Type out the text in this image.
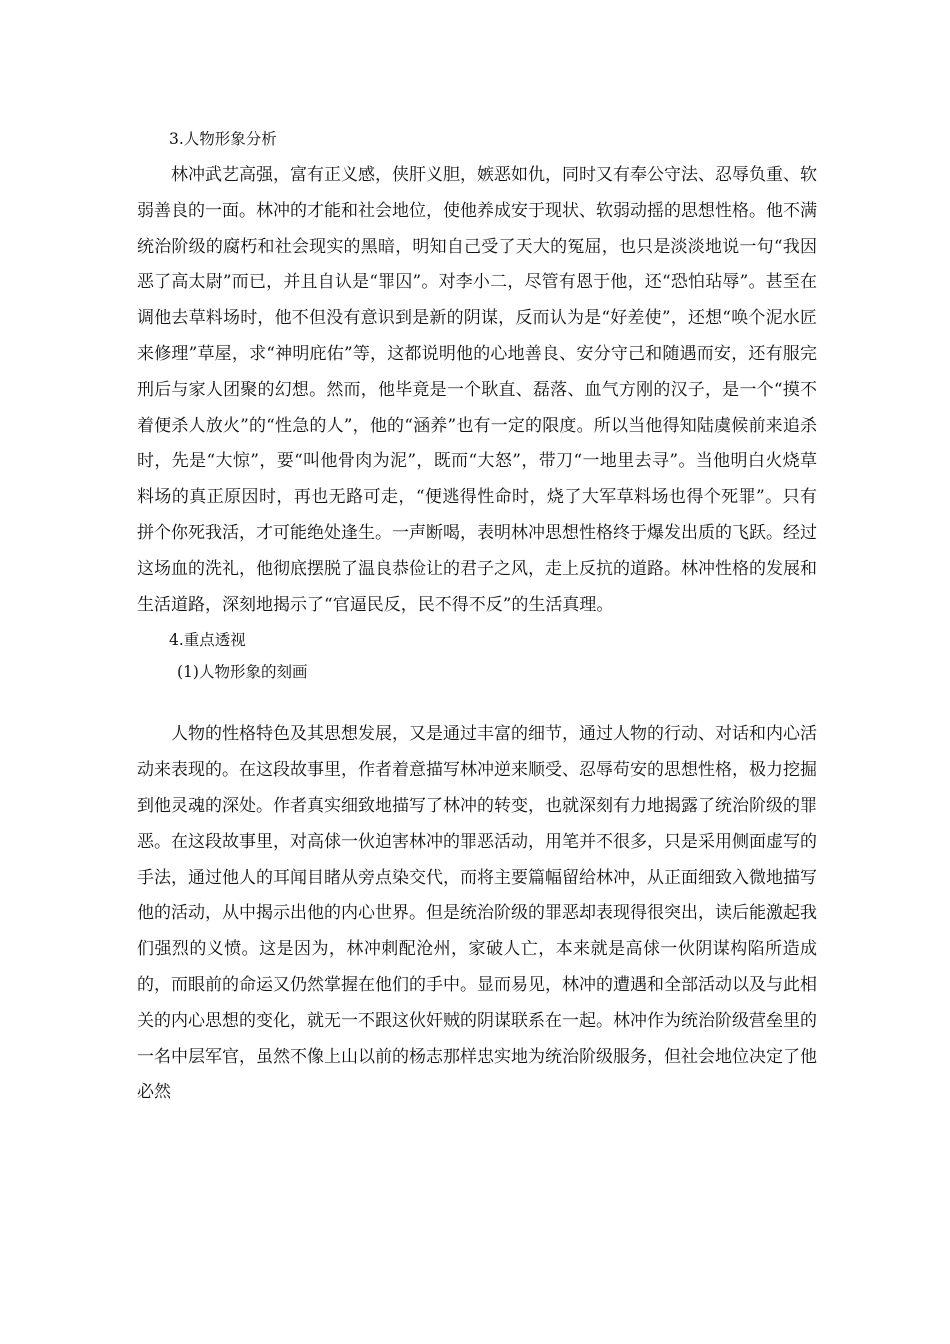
3.人物形象分析

林冲武艺高强，富有正义感，侠肝义胆，嫉恶如仇，同时又有奉公守法、忍辱负重、软弱善良的一面。林冲的才能和社会地位，使他养成安于现状、软弱动摇的思想性格。他不满统治阶级的腐朽和社会现实的黑暗，明知自己受了天大的冤屈，也只是淡淡地说一句“我因恶了高太尉”而已，并且自认是“罪囚”。对李小二，尽管有恩于他，还“恐怕玷辱”。甚至在调他去草料场时，他不但没有意识到是新的阴谋，反而认为是“好差使”，还想“唤个泥水匠来修理”草屋，求“神明庇佑”等，这都说明他的心地善良、安分守己和随遇而安，还有服完刑后与家人团聚的幻想。然而，他毕竟是一个耿直、磊落、血气方刚的汉子，是一个“摸不着便杀人放火”的“性急的人”，他的“涵养”也有一定的限度。所以当他得知陆虞候前来追杀时，先是“大惊”，要“叫他骨肉为泥”，既而“大怒”，带刀“一地里去寻”。当他明白火烧草料场的真正原因时，再也无路可走，“便逃得性命时，烧了大军草料场也得个死罪”。只有拼个你死我活，才可能绝处逢生。一声断喝，表明林冲思想性格终于爆发出质的飞跃。经过这场血的洗礼，他彻底摆脱了温良恭俭让的君子之风，走上反抗的道路。林冲性格的发展和生活道路，深刻地揭示了“官逼民反，民不得不反”的生活真理。

4.重点透视

(1)人物形象的刻画

人物的性格特色及其思想发展，又是通过丰富的细节，通过人物的行动、对话和内心活动来表现的。在这段故事里，作者着意描写林冲逆来顺受、忍辱苟安的思想性格，极力挖掘到他灵魂的深处。作者真实细致地描写了林冲的转变，也就深刻有力地揭露了统治阶级的罪恶。在这段故事里，对高俅一伙迫害林冲的罪恶活动，用笔并不很多，只是采用侧面虚写的手法，通过他人的耳闻目睹从旁点染交代，而将主要篇幅留给林冲，从正面细致入微地描写他的活动，从中揭示出他的内心世界。但是统治阶级的罪恶却表现得很突出，读后能激起我们强烈的义愤。这是因为，林冲刺配沧州，家破人亡，本来就是高俅一伙阴谋构陷所造成的，而眼前的命运又仍然掌握在他们的手中。显而易见，林冲的遭遇和全部活动以及与此相关的内心思想的变化，就无一不跟这伙奸贼的阴谋联系在一起。林冲作为统治阶级营垒里的一名中层军官，虽然不像上山以前的杨志那样忠实地为统治阶级服务，但社会地位决定了他必然
